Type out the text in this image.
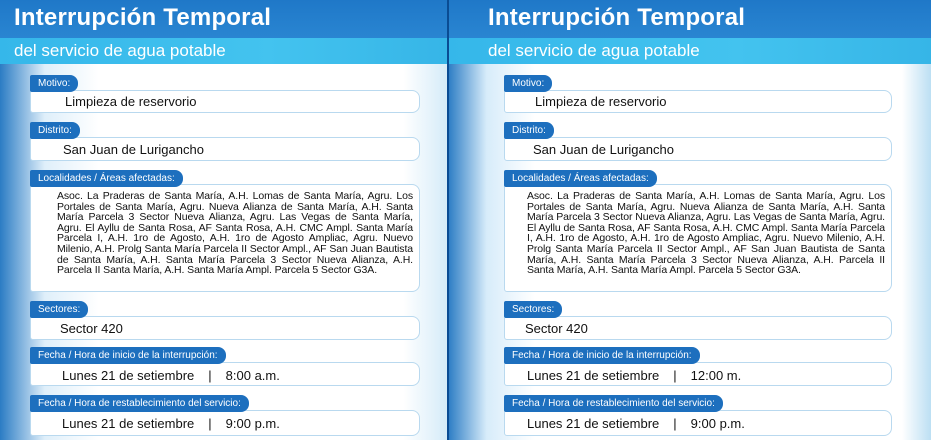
Interrupción Temporal
del servicio de agua potable
Motivo:
Limpieza de reservorio
Distrito:
San Juan de Lurigancho
Localidades / Áreas afectadas:
Asoc. La Praderas de Santa María, A.H. Lomas de Santa María, Agru. Los Portales de Santa María, Agru. Nueva Alianza de Santa María, A.H. Santa María Parcela 3 Sector Nueva Alianza, Agru. Las Vegas de Santa María, Agru. El Ayllu de Santa Rosa, AF Santa Rosa, A.H. CMC Ampl. Santa María Parcela I, A.H. 1ro de Agosto, A.H. 1ro de Agosto Ampliac, Agru. Nuevo Milenio, A.H. Prolg Santa María Parcela II Sector Ampl., AF San Juan Bautista de Santa María, A.H. Santa María Parcela 3 Sector Nueva Alianza, A.H. Parcela II Santa María, A.H. Santa María Ampl. Parcela 5 Sector G3A.
Sectores:
Sector 420
Fecha / Hora de inicio de la interrupción:
Lunes 21 de setiembre | 8:00 a.m.
Fecha / Hora de restablecimiento del servicio:
Lunes 21 de setiembre | 9:00 p.m.
Interrupción Temporal
del servicio de agua potable
Motivo:
Limpieza de reservorio
Distrito:
San Juan de Lurigancho
Localidades / Áreas afectadas:
Asoc. La Praderas de Santa María, A.H. Lomas de Santa María, Agru. Los Portales de Santa María, Agru. Nueva Alianza de Santa María, A.H. Santa María Parcela 3 Sector Nueva Alianza, Agru. Las Vegas de Santa María, Agru. El Ayllu de Santa Rosa, AF Santa Rosa, A.H. CMC Ampl. Santa María Parcela I, A.H. 1ro de Agosto, A.H. 1ro de Agosto Ampliac, Agru. Nuevo Milenio, A.H. Prolg Santa María Parcela II Sector Ampl., AF San Juan Bautista de Santa María, A.H. Santa María Parcela 3 Sector Nueva Alianza, A.H. Parcela II Santa María, A.H. Santa María Ampl. Parcela 5 Sector G3A.
Sectores:
Sector 420
Fecha / Hora de inicio de la interrupción:
Lunes 21 de setiembre | 12:00 m.
Fecha / Hora de restablecimiento del servicio:
Lunes 21 de setiembre | 9:00 p.m.
